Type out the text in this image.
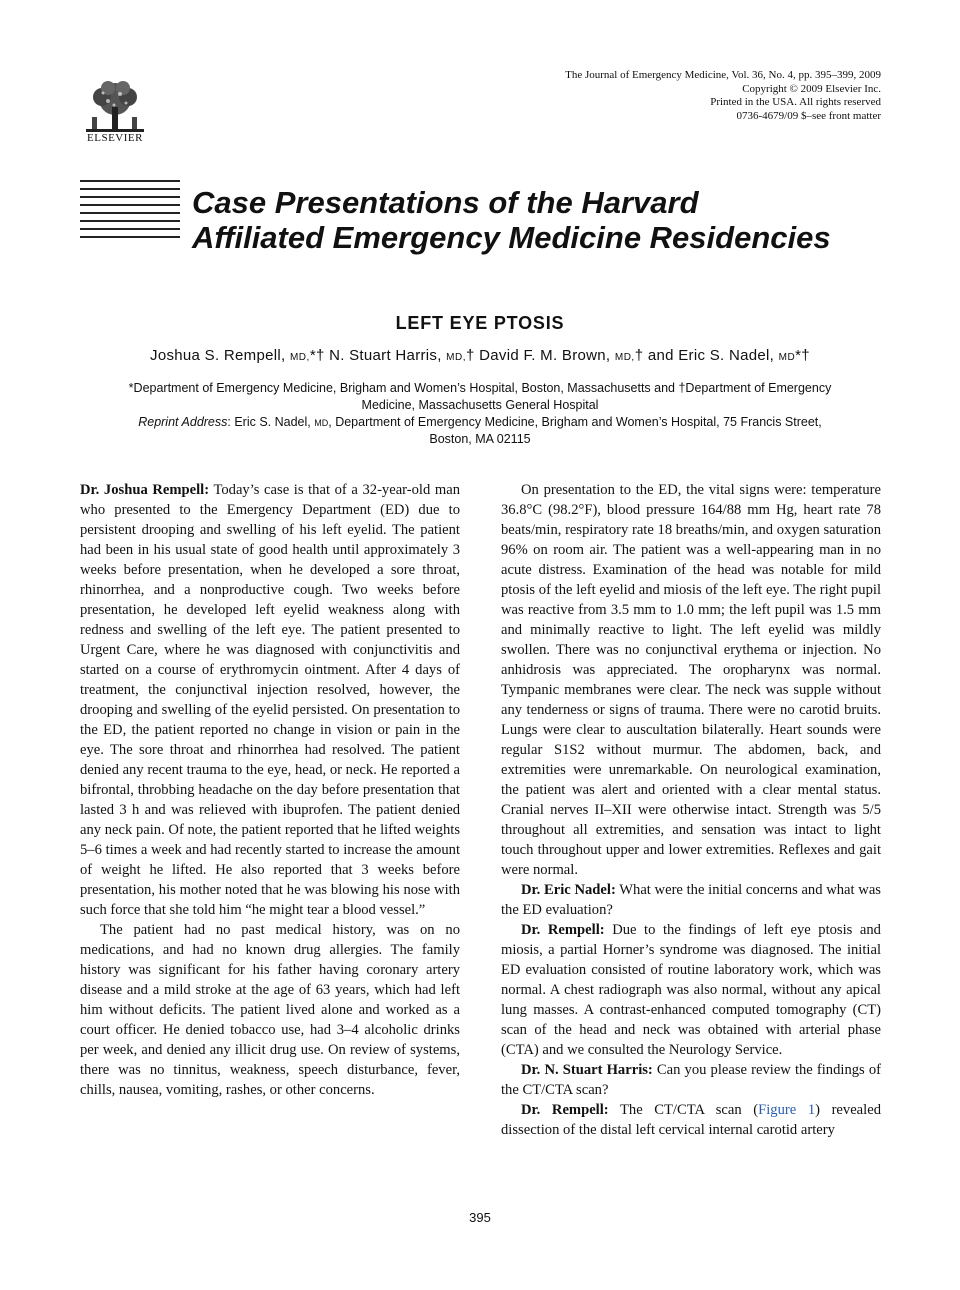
ELSEVIER
The Journal of Emergency Medicine, Vol. 36, No. 4, pp. 395–399, 2009
Copyright © 2009 Elsevier Inc.
Printed in the USA. All rights reserved
0736-4679/09 $–see front matter
Case Presentations of the Harvard
Affiliated Emergency Medicine Residencies
LEFT EYE PTOSIS
Joshua S. Rempell, MD,*† N. Stuart Harris, MD,† David F. M. Brown, MD,† and Eric S. Nadel, MD*†
*Department of Emergency Medicine, Brigham and Women’s Hospital, Boston, Massachusetts and †Department of Emergency
Medicine, Massachusetts General Hospital
Reprint Address: Eric S. Nadel, MD, Department of Emergency Medicine, Brigham and Women’s Hospital, 75 Francis Street,
Boston, MA 02115

Dr. Joshua Rempell: Today’s case is that of a 32-year-old man who presented to the Emergency Department (ED) due to persistent drooping and swelling of his left eyelid. The patient had been in his usual state of good health until approximately 3 weeks before presentation, when he developed a sore throat, rhinorrhea, and a nonproductive cough. Two weeks before presentation, he developed left eyelid weakness along with redness and swelling of the left eye. The patient presented to Urgent Care, where he was diagnosed with conjunctivitis and started on a course of erythromycin ointment. After 4 days of treatment, the conjunctival injection resolved, however, the drooping and swelling of the eyelid persisted. On presentation to the ED, the patient reported no change in vision or pain in the eye. The sore throat and rhinorrhea had resolved. The patient denied any recent trauma to the eye, head, or neck. He reported a bifrontal, throbbing headache on the day before presentation that lasted 3 h and was relieved with ibuprofen. The patient denied any neck pain. Of note, the patient reported that he lifted weights 5–6 times a week and had recently started to increase the amount of weight he lifted. He also reported that 3 weeks before presentation, his mother noted that he was blowing his nose with such force that she told him “he might tear a blood vessel.”

The patient had no past medical history, was on no medications, and had no known drug allergies. The family history was significant for his father having coronary artery disease and a mild stroke at the age of 63 years, which had left him without deficits. The patient lived alone and worked as a court officer. He denied tobacco use, had 3–4 alcoholic drinks per week, and denied any illicit drug use. On review of systems, there was no tinnitus, weakness, speech disturbance, fever, chills, nausea, vomiting, rashes, or other concerns.

On presentation to the ED, the vital signs were: temperature 36.8°C (98.2°F), blood pressure 164/88 mm Hg, heart rate 78 beats/min, respiratory rate 18 breaths/min, and oxygen saturation 96% on room air. The patient was a well-appearing man in no acute distress. Examination of the head was notable for mild ptosis of the left eyelid and miosis of the left eye. The right pupil was reactive from 3.5 mm to 1.0 mm; the left pupil was 1.5 mm and minimally reactive to light. The left eyelid was mildly swollen. There was no conjunctival erythema or injection. No anhidrosis was appreciated. The oropharynx was normal. Tympanic membranes were clear. The neck was supple without any tenderness or signs of trauma. There were no carotid bruits. Lungs were clear to auscultation bilaterally. Heart sounds were regular S1S2 without murmur. The abdomen, back, and extremities were unremarkable. On neurological examination, the patient was alert and oriented with a clear mental status. Cranial nerves II–XII were otherwise intact. Strength was 5/5 throughout all extremities, and sensation was intact to light touch throughout upper and lower extremities. Reflexes and gait were normal.

Dr. Eric Nadel: What were the initial concerns and what was the ED evaluation?

Dr. Rempell: Due to the findings of left eye ptosis and miosis, a partial Horner’s syndrome was diagnosed. The initial ED evaluation consisted of routine laboratory work, which was normal. A chest radiograph was also normal, without any apical lung masses. A contrast-enhanced computed tomography (CT) scan of the head and neck was obtained with arterial phase (CTA) and we consulted the Neurology Service.

Dr. N. Stuart Harris: Can you please review the findings of the CT/CTA scan?

Dr. Rempell: The CT/CTA scan (Figure 1) revealed dissection of the distal left cervical internal carotid artery

395
